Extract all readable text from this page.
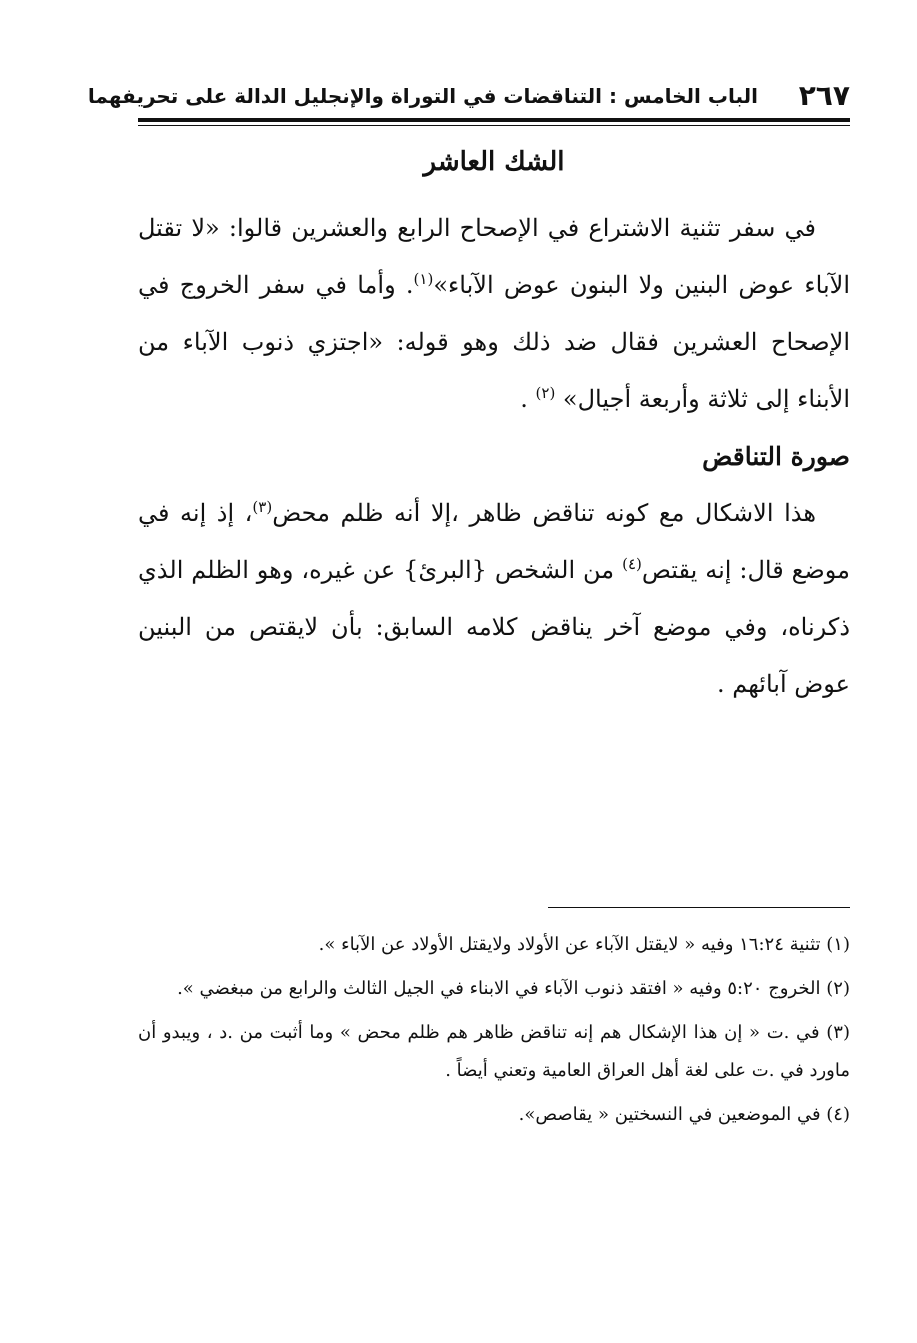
٢٦٧
الباب الخامس : التناقضات في التوراة والإنجليل الدالة على تحريفهما
الشك العاشر

في سفر تثنية الاشتراع في الإصحاح الرابع والعشرين قالوا: «لا تقتل الآباء عوض البنين ولا البنون عوض الآباء»$^{(١)}$. وأما في سفر الخروج في الإصحاح العشرين فقال ضد ذلك وهو قوله: «اجتزي ذنوب الآباء من الأبناء إلى ثلاثة وأربعة أجيال» $^{(٢)}$ .

صورة التناقض

هذا الاشكال مع كونه تناقض ظاهر ،إلا أنه ظلم محض$^{(٣)}$، إذ إنه في موضع قال: إنه يقتص$^{(٤)}$ من الشخص {البرئ} عن غيره، وهو الظلم الذي ذكرناه، وفي موضع آخر يناقض كلامه السابق: بأن لايقتص من البنين عوض آبائهم .

(١) تثنية ١٦:٢٤ وفيه « لايقتل الآباء عن الأولاد ولايقتل الأولاد عن الآباء ».

(٢) الخروج ٥:٢٠ وفيه « افتقد ذنوب الآباء في الابناء في الجيل الثالث والرابع من مبغضي ».

(٣) في .ت « إن هذا الإشكال هم إنه تناقض ظاهر هم ظلم محض » وما أثبت من .د ، ويبدو أن ماورد في .ت على لغة أهل العراق العامية وتعني أيضاً .

(٤) في الموضعين في النسختين « يقاصص».
